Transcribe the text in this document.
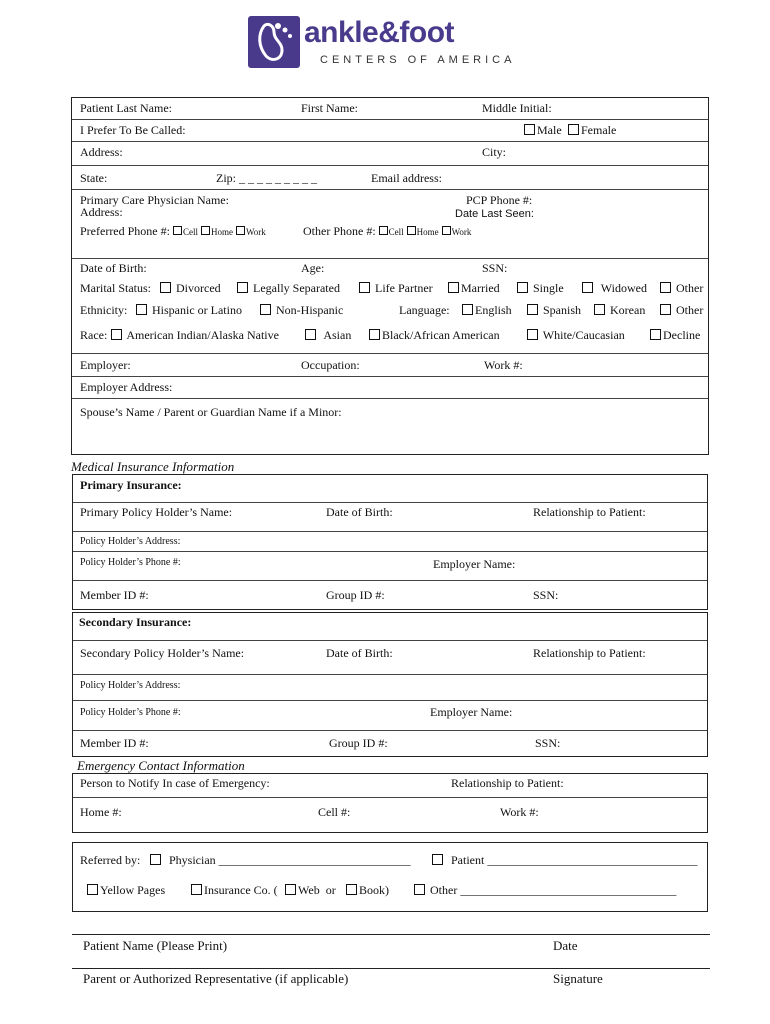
ankle&foot
CENTERS OF AMERICA
Patient Last Name:	First Name:	Middle Initial:
I Prefer To Be Called:	Male	Female
Address:	City:
State:	Zip: _ _ _ _ _ _ _ _ _	Email address:
Primary Care Physician Name:
Address:
PCP Phone #:
Date Last Seen:
Preferred Phone #: Cell Home Work	Other Phone #: Cell Home Work
Date of Birth:	Age:	SSN:
Marital Status:	Divorced	Legally Separated	Life Partner	Married	Single	Widowed	Other
Ethnicity:	Hispanic or Latino	Non-Hispanic	Language:	English	Spanish	Korean	Other
Race:	American Indian/Alaska Native	Asian	Black/African American	White/Caucasian	Decline
Employer:	Occupation:	Work #:
Employer Address:
Spouse’s Name / Parent or Guardian Name if a Minor:
Medical Insurance Information
Primary Insurance:
Primary Policy Holder’s Name:	Date of Birth:	Relationship to Patient:
Policy Holder’s Address:
Policy Holder’s Phone #:	Employer Name:
Member ID #:	Group ID #:	SSN:
Secondary Insurance:
Secondary Policy Holder’s Name:	Date of Birth:	Relationship to Patient:
Policy Holder’s Address:
Policy Holder’s Phone #:	Employer Name:
Member ID #:	Group ID #:	SSN:
Emergency Contact Information
Person to Notify In case of Emergency:	Relationship to Patient:
Home #:	Cell #:	Work #:
Referred by:	Physician ________________________________	Patient ___________________________________
Yellow Pages	Insurance Co. (	Web or	Book)	Other ____________________________________
Patient Name (Please Print)	Date
Parent or Authorized Representative (if applicable)	Signature
